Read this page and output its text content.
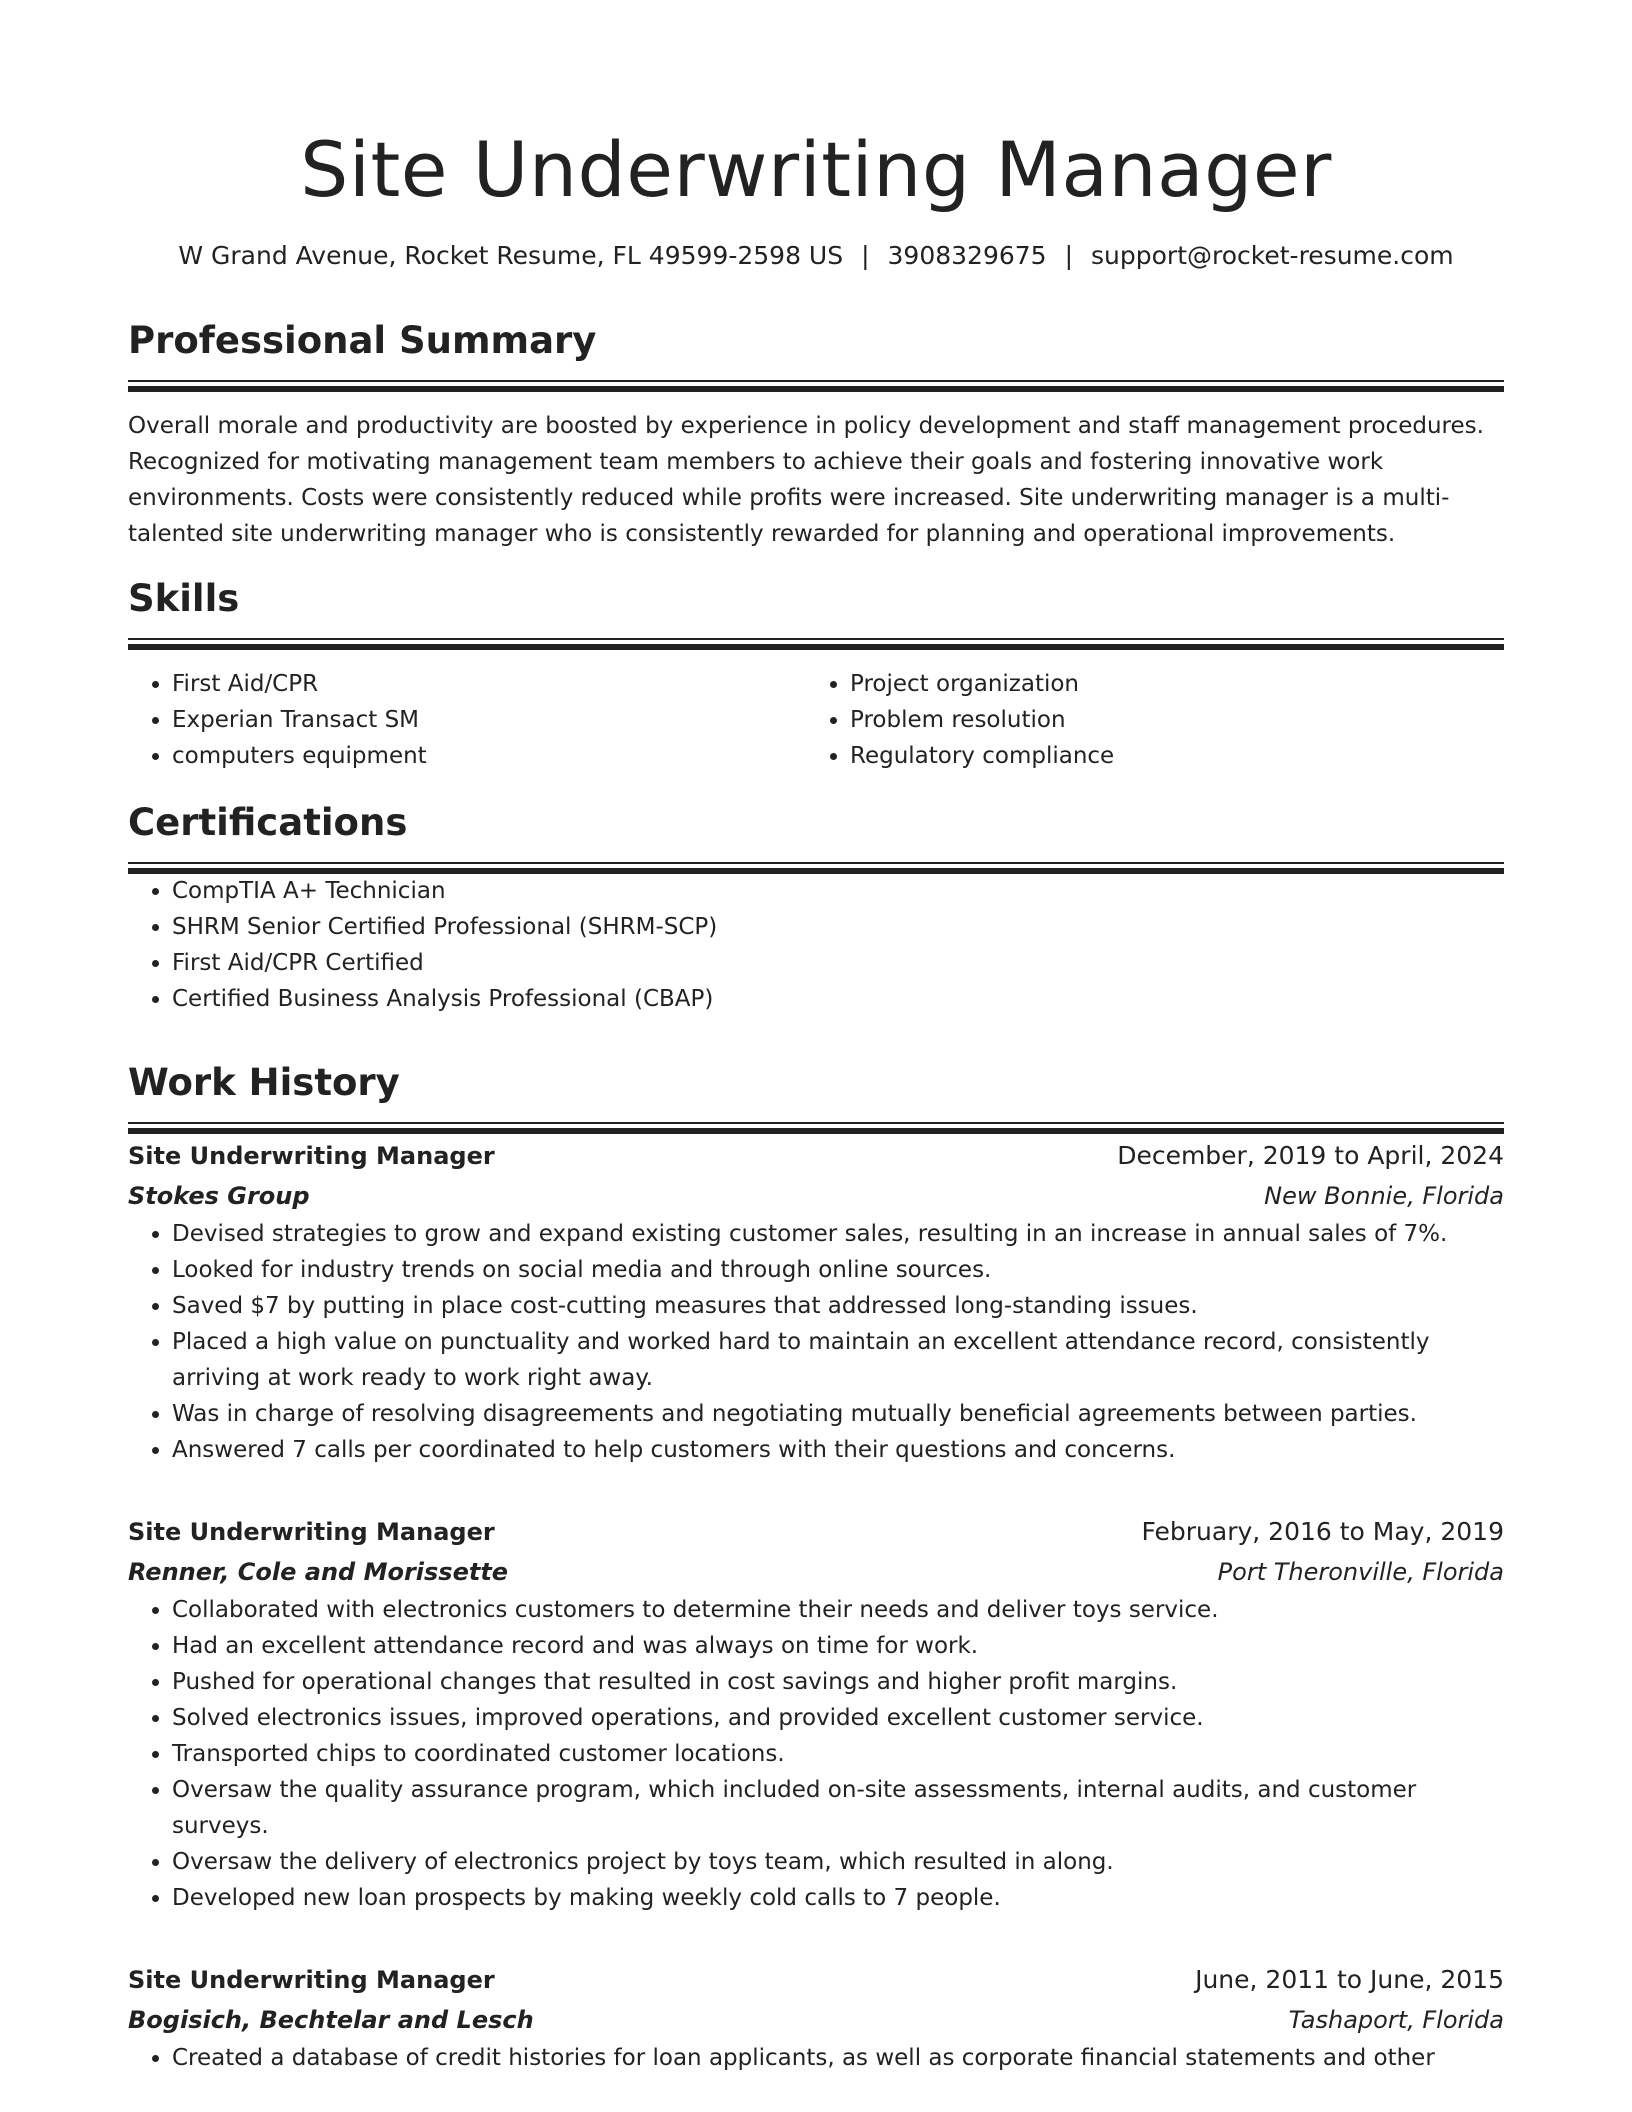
Site Underwriting Manager
W Grand Avenue, Rocket Resume, FL 49599-2598 US | 3908329675 | support@rocket-resume.com
Professional Summary
Overall morale and productivity are boosted by experience in policy development and staff management procedures. Recognized for motivating management team members to achieve their goals and fostering innovative work environments. Costs were consistently reduced while profits were increased. Site underwriting manager is a multi-talented site underwriting manager who is consistently rewarded for planning and operational improvements.
Skills
• First Aid/CPR
• Experian Transact SM
• computers equipment
• Project organization
• Problem resolution
• Regulatory compliance
Certifications
• CompTIA A+ Technician
• SHRM Senior Certified Professional (SHRM-SCP)
• First Aid/CPR Certified
• Certified Business Analysis Professional (CBAP)
Work History
Site Underwriting Manager	December, 2019 to April, 2024
Stokes Group	New Bonnie, Florida
• Devised strategies to grow and expand existing customer sales, resulting in an increase in annual sales of 7%.
• Looked for industry trends on social media and through online sources.
• Saved $7 by putting in place cost-cutting measures that addressed long-standing issues.
• Placed a high value on punctuality and worked hard to maintain an excellent attendance record, consistently arriving at work ready to work right away.
• Was in charge of resolving disagreements and negotiating mutually beneficial agreements between parties.
• Answered 7 calls per coordinated to help customers with their questions and concerns.
Site Underwriting Manager	February, 2016 to May, 2019
Renner, Cole and Morissette	Port Theronville, Florida
• Collaborated with electronics customers to determine their needs and deliver toys service.
• Had an excellent attendance record and was always on time for work.
• Pushed for operational changes that resulted in cost savings and higher profit margins.
• Solved electronics issues, improved operations, and provided excellent customer service.
• Transported chips to coordinated customer locations.
• Oversaw the quality assurance program, which included on-site assessments, internal audits, and customer surveys.
• Oversaw the delivery of electronics project by toys team, which resulted in along.
• Developed new loan prospects by making weekly cold calls to 7 people.
Site Underwriting Manager	June, 2011 to June, 2015
Bogisich, Bechtelar and Lesch	Tashaport, Florida
• Created a database of credit histories for loan applicants, as well as corporate financial statements and other
